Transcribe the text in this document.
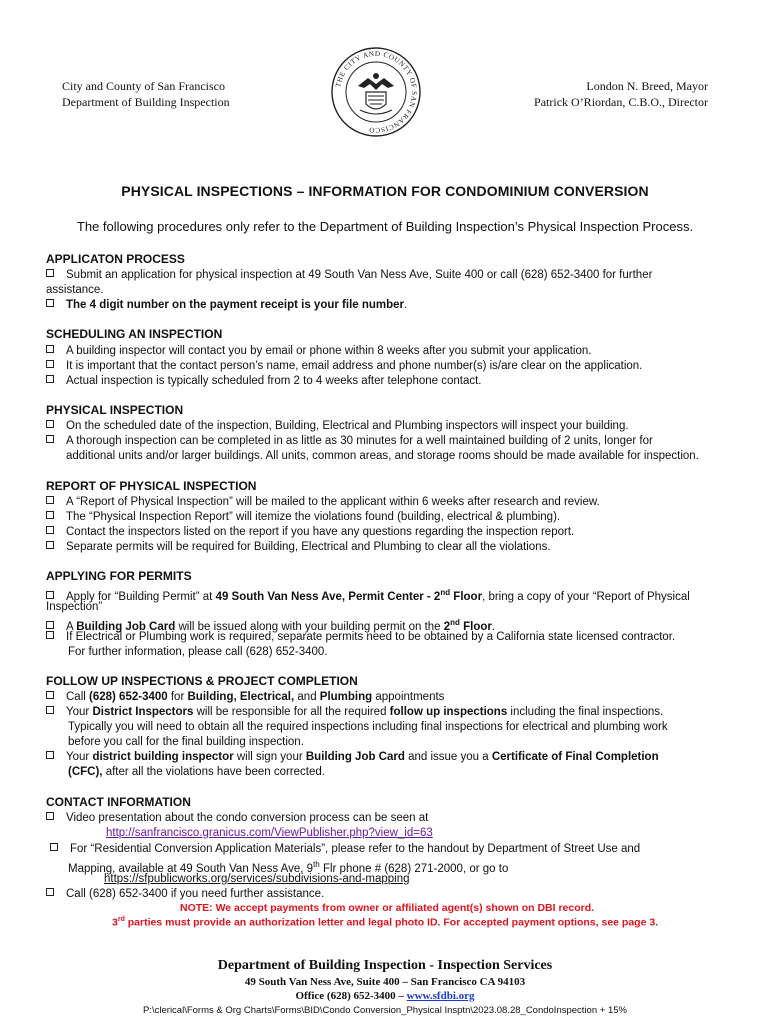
City and County of San Francisco
Department of Building Inspection
THE CITY AND COUNTY OF SAN FRANCISCO
London N. Breed, Mayor
Patrick O’Riordan, C.B.O., Director
PHYSICAL INSPECTIONS – INFORMATION FOR CONDOMINIUM CONVERSION
The following procedures only refer to the Department of Building Inspection’s Physical Inspection Process.
APPLICATON PROCESS
Submit an application for physical inspection at 49 South Van Ness Ave, Suite 400 or call (628) 652-3400 for further
assistance.
The 4 digit number on the payment receipt is your file number.
SCHEDULING AN INSPECTION
A building inspector will contact you by email or phone within 8 weeks after you submit your application.
It is important that the contact person’s name, email address and phone number(s) is/are clear on the application.
Actual inspection is typically scheduled from 2 to 4 weeks after telephone contact.
PHYSICAL INSPECTION
On the scheduled date of the inspection, Building, Electrical and Plumbing inspectors will inspect your building.
A thorough inspection can be completed in as little as 30 minutes for a well maintained building of 2 units, longer for
additional units and/or larger buildings. All units, common areas, and storage rooms should be made available for inspection.
REPORT OF PHYSICAL INSPECTION
A “Report of Physical Inspection” will be mailed to the applicant within 6 weeks after research and review.
The “Physical Inspection Report” will itemize the violations found (building, electrical & plumbing).
Contact the inspectors listed on the report if you have any questions regarding the inspection report.
Separate permits will be required for Building, Electrical and Plumbing to clear all the violations.
APPLYING FOR PERMITS
Apply for “Building Permit” at 49 South Van Ness Ave, Permit Center - 2nd Floor, bring a copy of your “Report of Physical
Inspection”
A Building Job Card will be issued along with your building permit on the 2nd Floor.
If Electrical or Plumbing work is required, separate permits need to be obtained by a California state licensed contractor.
For further information, please call (628) 652-3400.
FOLLOW UP INSPECTIONS & PROJECT COMPLETION
Call (628) 652-3400 for Building, Electrical, and Plumbing appointments
Your District Inspectors will be responsible for all the required follow up inspections including the final inspections.
Typically you will need to obtain all the required inspections including final inspections for electrical and plumbing work
before you call for the final building inspection.
Your district building inspector will sign your Building Job Card and issue you a Certificate of Final Completion
(CFC), after all the violations have been corrected.
CONTACT INFORMATION
Video presentation about the condo conversion process can be seen at
http://sanfrancisco.granicus.com/ViewPublisher.php?view_id=63
For “Residential Conversion Application Materials”, please refer to the handout by Department of Street Use and
Mapping, available at 49 South Van Ness Ave, 9th Flr phone # (628) 271-2000, or go to
https://sfpublicworks.org/services/subdivisions-and-mapping
Call (628) 652-3400 if you need further assistance.
NOTE: We accept payments from owner or affiliated agent(s) shown on DBI record.
3rd parties must provide an authorization letter and legal photo ID. For accepted payment options, see page 3.
Department of Building Inspection - Inspection Services
49 South Van Ness Ave, Suite 400 – San Francisco CA 94103
Office (628) 652-3400 – www.sfdbi.org
P:\clerical\Forms & Org Charts\Forms\BID\Condo Conversion_Physical Insptn\2023.08.28_CondoInspection + 15%
